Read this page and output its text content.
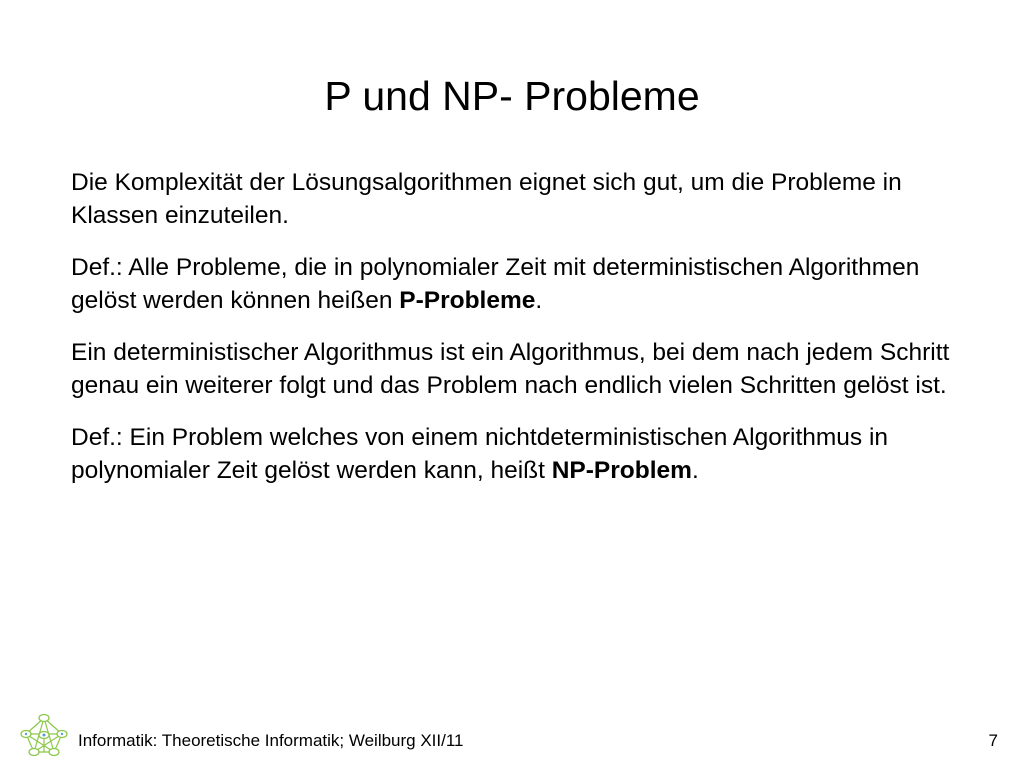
P und NP- Probleme

Die Komplexität der Lösungsalgorithmen eignet sich gut, um die Probleme in Klassen einzuteilen.

Def.: Alle Probleme, die in polynomialer Zeit mit deterministischen Algorithmen gelöst werden können heißen P-Probleme.

Ein deterministischer Algorithmus ist ein Algorithmus, bei dem nach jedem Schritt genau ein weiterer folgt und das Problem nach endlich vielen Schritten gelöst ist.

Def.: Ein Problem welches von einem nichtdeterministischen Algorithmus in polynomialer Zeit gelöst werden kann, heißt NP-Problem.

Informatik: Theoretische Informatik; Weilburg XII/11	7
